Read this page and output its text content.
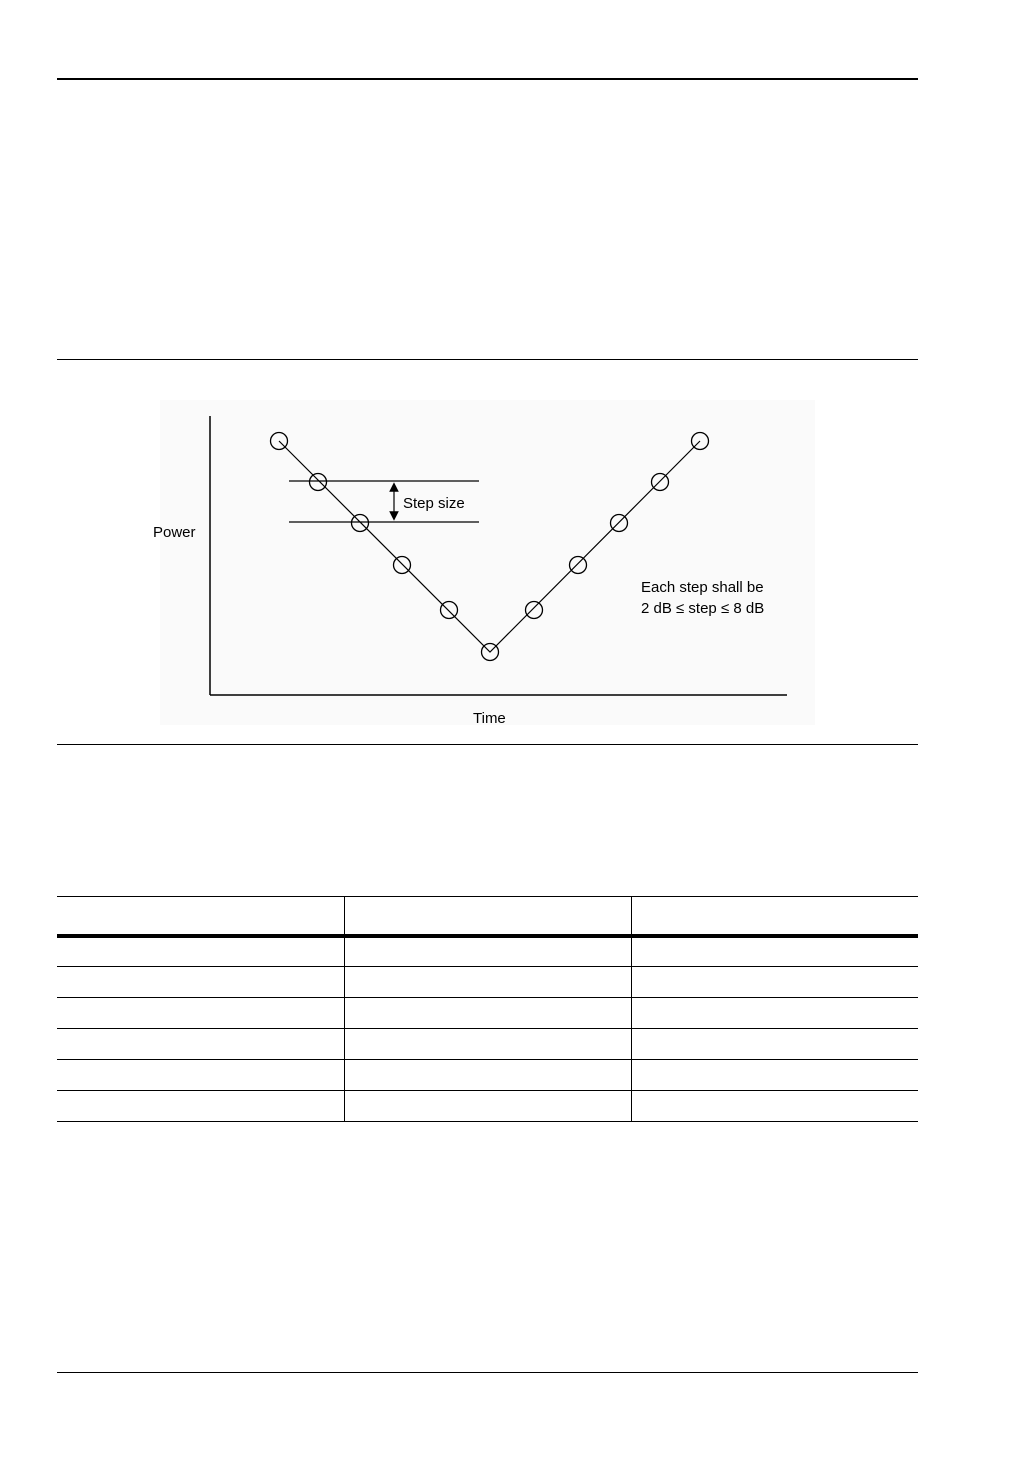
Power
Time
Step size
Each step shall be
2 dB ≤ step ≤ 8 dB
